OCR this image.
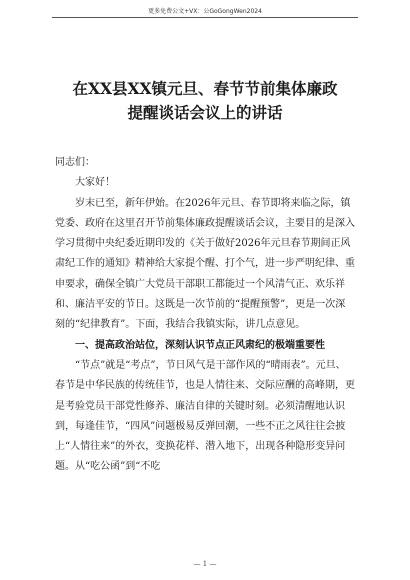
更多免费公文+VX：公GoGongWen2024
在XX县XX镇元旦、春节节前集体廉政
提醒谈话会议上的讲话

同志们：

大家好！

岁末已至，新年伊始。在2026年元旦、春节即将来临之际，镇党委、政府在这里召开节前集体廉政提醒谈话会议，主要目的是深入学习贯彻中央纪委近期印发的《关于做好2026年元旦春节期间正风肃纪工作的通知》精神给大家提个醒、打个气，进一步严明纪律、重申要求，确保全镇广大党员干部职工都能过一个风清气正、欢乐祥和、廉洁平安的节日。这既是一次节前的“提醒预警”，更是一次深刻的“纪律教育”。下面，我结合我镇实际，讲几点意见。

一、提高政治站位，深刻认识节点正风肃纪的极端重要性

“节点”就是“考点”，节日风气是干部作风的“晴雨表”。元旦、春节是中华民族的传统佳节，也是人情往来、交际应酬的高峰期，更是考验党员干部党性修养、廉洁自律的关键时刻。必须清醒地认识到，每逢佳节，“四风”问题极易反弹回潮，一些不正之风往往会披上“人情往来”的外衣，变换花样、潜入地下，出现各种隐形变异问题。从“吃公函”到“不吃

— 1 —
